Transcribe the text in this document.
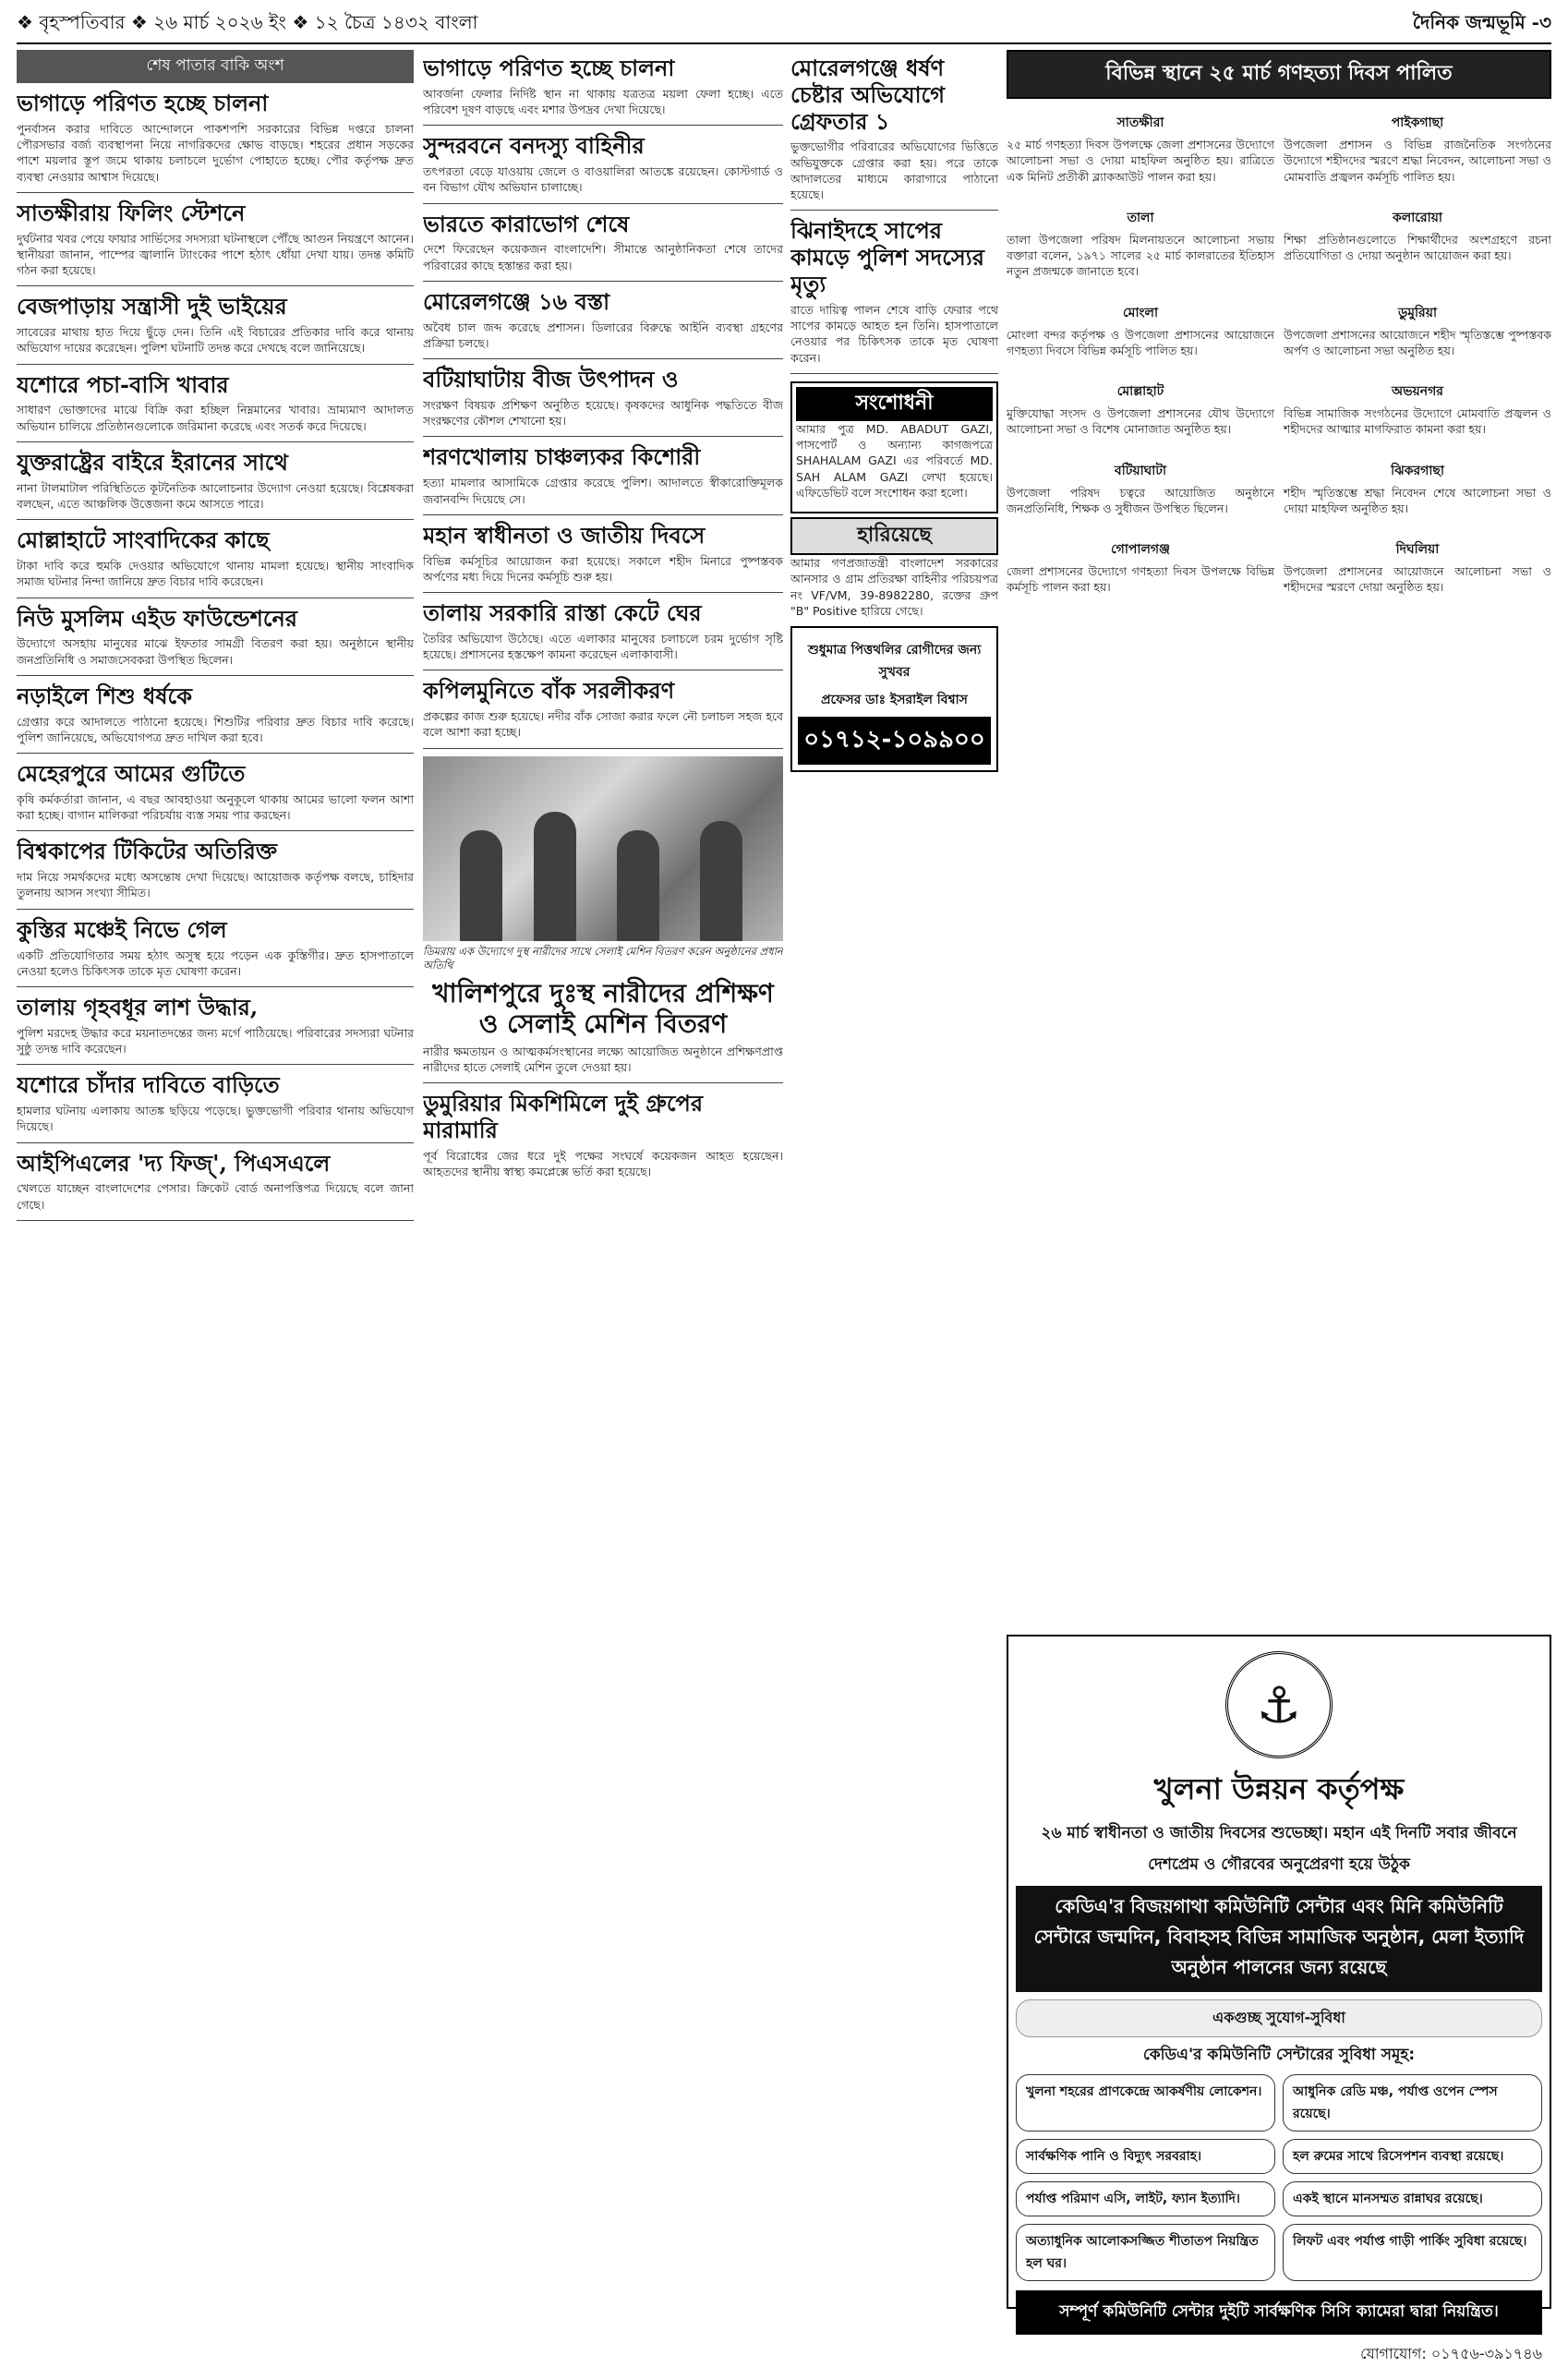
❖ বৃহস্পতিবার ❖ ২৬ মার্চ ২০২৬ ইং ❖ ১২ চৈত্র ১৪৩২ বাংলা	দৈনিক জন্মভূমি -৩
শেষ পাতার বাকি অংশ
ভাগাড়ে পরিণত হচ্ছে চালনা

পুনর্বাসন করার দাবিতে আন্দোলনে পাকশপশি সরকারের বিভিন্ন দপ্তরে চালনা পৌরসভার বর্জ্য ব্যবস্থাপনা নিয়ে নাগরিকদের ক্ষোভ বাড়ছে। শহরের প্রধান সড়কের পাশে ময়লার স্তূপ জমে থাকায় চলাচলে দুর্ভোগ পোহাতে হচ্ছে। পৌর কর্তৃপক্ষ দ্রুত ব্যবস্থা নেওয়ার আশ্বাস দিয়েছে।

সাতক্ষীরায় ফিলিং স্টেশনে

দুর্ঘটনার খবর পেয়ে ফায়ার সার্ভিসের সদস্যরা ঘটনাস্থলে পৌঁছে আগুন নিয়ন্ত্রণে আনেন। স্থানীয়রা জানান, পাম্পের জ্বালানি ট্যাংকের পাশে হঠাৎ ধোঁয়া দেখা যায়। তদন্ত কমিটি গঠন করা হয়েছে।

বেজপাড়ায় সন্ত্রাসী দুই ভাইয়ের

সাবেরের মাথায় হাত দিয়ে ছুঁড়ে দেন। তিনি এই বিচারের প্রতিকার দাবি করে থানায় অভিযোগ দায়ের করেছেন। পুলিশ ঘটনাটি তদন্ত করে দেখছে বলে জানিয়েছে।

যশোরে পচা-বাসি খাবার

সাধারণ ভোক্তাদের মাঝে বিক্রি করা হচ্ছিল নিম্নমানের খাবার। ভ্রাম্যমাণ আদালত অভিযান চালিয়ে প্রতিষ্ঠানগুলোকে জরিমানা করেছে এবং সতর্ক করে দিয়েছে।

যুক্তরাষ্ট্রের বাইরে ইরানের সাথে

নানা টালমাটাল পরিস্থিতিতে কূটনৈতিক আলোচনার উদ্যোগ নেওয়া হয়েছে। বিশ্লেষকরা বলছেন, এতে আঞ্চলিক উত্তেজনা কমে আসতে পারে।

মোল্লাহাটে সাংবাদিকের কাছে

টাকা দাবি করে হুমকি দেওয়ার অভিযোগে থানায় মামলা হয়েছে। স্থানীয় সাংবাদিক সমাজ ঘটনার নিন্দা জানিয়ে দ্রুত বিচার দাবি করেছেন।

নিউ মুসলিম এইড ফাউন্ডেশনের

উদ্যোগে অসহায় মানুষের মাঝে ইফতার সামগ্রী বিতরণ করা হয়। অনুষ্ঠানে স্থানীয় জনপ্রতিনিধি ও সমাজসেবকরা উপস্থিত ছিলেন।

নড়াইলে শিশু ধর্ষকে

গ্রেপ্তার করে আদালতে পাঠানো হয়েছে। শিশুটির পরিবার দ্রুত বিচার দাবি করেছে। পুলিশ জানিয়েছে, অভিযোগপত্র দ্রুত দাখিল করা হবে।

মেহেরপুরে আমের গুটিতে

কৃষি কর্মকর্তারা জানান, এ বছর আবহাওয়া অনুকূলে থাকায় আমের ভালো ফলন আশা করা হচ্ছে। বাগান মালিকরা পরিচর্যায় ব্যস্ত সময় পার করছেন।

বিশ্বকাপের টিকিটের অতিরিক্ত

দাম নিয়ে সমর্থকদের মধ্যে অসন্তোষ দেখা দিয়েছে। আয়োজক কর্তৃপক্ষ বলছে, চাহিদার তুলনায় আসন সংখ্যা সীমিত।

কুস্তির মঞ্চেই নিভে গেল

একটি প্রতিযোগিতার সময় হঠাৎ অসুস্থ হয়ে পড়েন এক কুস্তিগীর। দ্রুত হাসপাতালে নেওয়া হলেও চিকিৎসক তাকে মৃত ঘোষণা করেন।

তালায় গৃহবধূর লাশ উদ্ধার,

পুলিশ মরদেহ উদ্ধার করে ময়নাতদন্তের জন্য মর্গে পাঠিয়েছে। পরিবারের সদস্যরা ঘটনার সুষ্ঠু তদন্ত দাবি করেছেন।

যশোরে চাঁদার দাবিতে বাড়িতে

হামলার ঘটনায় এলাকায় আতঙ্ক ছড়িয়ে পড়েছে। ভুক্তভোগী পরিবার থানায় অভিযোগ দিয়েছে।

আইপিএলের 'দ্য ফিজ্', পিএসএলে

খেলতে যাচ্ছেন বাংলাদেশের পেসার। ক্রিকেট বোর্ড অনাপত্তিপত্র দিয়েছে বলে জানা গেছে।

ভাগাড়ে পরিণত হচ্ছে চালনা

আবর্জনা ফেলার নির্দিষ্ট স্থান না থাকায় যত্রতত্র ময়লা ফেলা হচ্ছে। এতে পরিবেশ দূষণ বাড়ছে এবং মশার উপদ্রব দেখা দিয়েছে।

সুন্দরবনে বনদস্যু বাহিনীর

তৎপরতা বেড়ে যাওয়ায় জেলে ও বাওয়ালিরা আতঙ্কে রয়েছেন। কোস্টগার্ড ও বন বিভাগ যৌথ অভিযান চালাচ্ছে।

ভারতে কারাভোগ শেষে

দেশে ফিরেছেন কয়েকজন বাংলাদেশি। সীমান্তে আনুষ্ঠানিকতা শেষে তাদের পরিবারের কাছে হস্তান্তর করা হয়।

মোরেলগঞ্জে ১৬ বস্তা

অবৈধ চাল জব্দ করেছে প্রশাসন। ডিলারের বিরুদ্ধে আইনি ব্যবস্থা গ্রহণের প্রক্রিয়া চলছে।

বটিয়াঘাটায় বীজ উৎপাদন ও

সংরক্ষণ বিষয়ক প্রশিক্ষণ অনুষ্ঠিত হয়েছে। কৃষকদের আধুনিক পদ্ধতিতে বীজ সংরক্ষণের কৌশল শেখানো হয়।

শরণখোলায় চাঞ্চল্যকর কিশোরী

হত্যা মামলার আসামিকে গ্রেপ্তার করেছে পুলিশ। আদালতে স্বীকারোক্তিমূলক জবানবন্দি দিয়েছে সে।

মহান স্বাধীনতা ও জাতীয় দিবসে

বিভিন্ন কর্মসূচির আয়োজন করা হয়েছে। সকালে শহীদ মিনারে পুষ্পস্তবক অর্পণের মধ্য দিয়ে দিনের কর্মসূচি শুরু হয়।

তালায় সরকারি রাস্তা কেটে ঘের

তৈরির অভিযোগ উঠেছে। এতে এলাকার মানুষের চলাচলে চরম দুর্ভোগ সৃষ্টি হয়েছে। প্রশাসনের হস্তক্ষেপ কামনা করেছেন এলাকাবাসী।

কপিলমুনিতে বাঁক সরলীকরণ

প্রকল্পের কাজ শুরু হয়েছে। নদীর বাঁক সোজা করার ফলে নৌ চলাচল সহজ হবে বলে আশা করা হচ্ছে।

ডিমরায় এক উদ্যোগে দুস্থ নারীদের সাথে সেলাই মেশিন বিতরণ করেন অনুষ্ঠানের প্রধান অতিথি
খালিশপুরে দুঃস্থ নারীদের প্রশিক্ষণ ও সেলাই মেশিন বিতরণ

নারীর ক্ষমতায়ন ও আত্মকর্মসংস্থানের লক্ষ্যে আয়োজিত অনুষ্ঠানে প্রশিক্ষণপ্রাপ্ত নারীদের হাতে সেলাই মেশিন তুলে দেওয়া হয়।

ডুমুরিয়ার মিকশিমিলে দুই গ্রুপের মারামারি

পূর্ব বিরোধের জের ধরে দুই পক্ষের সংঘর্ষে কয়েকজন আহত হয়েছেন। আহতদের স্থানীয় স্বাস্থ্য কমপ্লেক্সে ভর্তি করা হয়েছে।

মোরেলগঞ্জে ধর্ষণ চেষ্টার অভিযোগে গ্রেফতার ১

ভুক্তভোগীর পরিবারের অভিযোগের ভিত্তিতে অভিযুক্তকে গ্রেপ্তার করা হয়। পরে তাকে আদালতের মাধ্যমে কারাগারে পাঠানো হয়েছে।

ঝিনাইদহে সাপের কামড়ে পুলিশ সদস্যের মৃত্যু

রাতে দায়িত্ব পালন শেষে বাড়ি ফেরার পথে সাপের কামড়ে আহত হন তিনি। হাসপাতালে নেওয়ার পর চিকিৎসক তাকে মৃত ঘোষণা করেন।

সংশোধনী

আমার পুত্র MD. ABADUT GAZI, পাসপোর্ট ও অন্যান্য কাগজপত্রে SHAHALAM GAZI এর পরিবর্তে MD. SAH ALAM GAZI লেখা হয়েছে। এফিডেভিট বলে সংশোধন করা হলো।

হারিয়েছে

আমার গণপ্রজাতন্ত্রী বাংলাদেশ সরকারের আনসার ও গ্রাম প্রতিরক্ষা বাহিনীর পরিচয়পত্র নং VF/VM, 39-8982280, রক্তের গ্রুপ "B" Positive হারিয়ে গেছে।

শুধুমাত্র পিত্তথলির রোগীদের জন্য সুখবর
প্রফেসর ডাঃ ইসরাইল বিশ্বাস
০১৭১২-১০৯৯০০
বিভিন্ন স্থানে ২৫ মার্চ গণহত্যা দিবস পালিত
সাতক্ষীরা

২৫ মার্চ গণহত্যা দিবস উপলক্ষে জেলা প্রশাসনের উদ্যোগে আলোচনা সভা ও দোয়া মাহফিল অনুষ্ঠিত হয়। রাত্রিতে এক মিনিট প্রতীকী ব্ল্যাকআউট পালন করা হয়।

পাইকগাছা

উপজেলা প্রশাসন ও বিভিন্ন রাজনৈতিক সংগঠনের উদ্যোগে শহীদদের স্মরণে শ্রদ্ধা নিবেদন, আলোচনা সভা ও মোমবাতি প্রজ্বলন কর্মসূচি পালিত হয়।

তালা

তালা উপজেলা পরিষদ মিলনায়তনে আলোচনা সভায় বক্তারা বলেন, ১৯৭১ সালের ২৫ মার্চ কালরাতের ইতিহাস নতুন প্রজন্মকে জানাতে হবে।

কলারোয়া

শিক্ষা প্রতিষ্ঠানগুলোতে শিক্ষার্থীদের অংশগ্রহণে রচনা প্রতিযোগিতা ও দোয়া অনুষ্ঠান আয়োজন করা হয়।

মোংলা

মোংলা বন্দর কর্তৃপক্ষ ও উপজেলা প্রশাসনের আয়োজনে গণহত্যা দিবসে বিভিন্ন কর্মসূচি পালিত হয়।

ডুমুরিয়া

উপজেলা প্রশাসনের আয়োজনে শহীদ স্মৃতিস্তম্ভে পুষ্পস্তবক অর্পণ ও আলোচনা সভা অনুষ্ঠিত হয়।

মোল্লাহাট

মুক্তিযোদ্ধা সংসদ ও উপজেলা প্রশাসনের যৌথ উদ্যোগে আলোচনা সভা ও বিশেষ মোনাজাত অনুষ্ঠিত হয়।

অভয়নগর

বিভিন্ন সামাজিক সংগঠনের উদ্যোগে মোমবাতি প্রজ্বলন ও শহীদদের আত্মার মাগফিরাত কামনা করা হয়।

বটিয়াঘাটা

উপজেলা পরিষদ চত্বরে আয়োজিত অনুষ্ঠানে জনপ্রতিনিধি, শিক্ষক ও সুধীজন উপস্থিত ছিলেন।

ঝিকরগাছা

শহীদ স্মৃতিস্তম্ভে শ্রদ্ধা নিবেদন শেষে আলোচনা সভা ও দোয়া মাহফিল অনুষ্ঠিত হয়।

গোপালগঞ্জ

জেলা প্রশাসনের উদ্যোগে গণহত্যা দিবস উপলক্ষে বিভিন্ন কর্মসূচি পালন করা হয়।

দিঘলিয়া

উপজেলা প্রশাসনের আয়োজনে আলোচনা সভা ও শহীদদের স্মরণে দোয়া অনুষ্ঠিত হয়।

⚓
খুলনা উন্নয়ন কর্তৃপক্ষ
২৬ মার্চ স্বাধীনতা ও জাতীয় দিবসের শুভেচ্ছা। মহান এই দিনটি সবার জীবনে
দেশপ্রেম ও গৌরবের অনুপ্রেরণা হয়ে উঠুক
কেডিএ'র বিজয়গাথা কমিউনিটি সেন্টার এবং মিনি কমিউনিটি সেন্টারে জন্মদিন, বিবাহসহ বিভিন্ন সামাজিক অনুষ্ঠান, মেলা ইত্যাদি অনুষ্ঠান পালনের জন্য রয়েছে
একগুচ্ছ সুযোগ-সুবিধা
কেডিএ'র কমিউনিটি সেন্টারের সুবিধা সমূহ:
খুলনা শহরের প্রাণকেন্দ্রে আকর্ষণীয় লোকেশন।	আধুনিক রেডি মঞ্চ, পর্যাপ্ত ওপেন স্পেস রয়েছে।
সার্বক্ষণিক পানি ও বিদ্যুৎ সরবরাহ।	হল রুমের সাথে রিসেপশন ব্যবস্থা রয়েছে।
পর্যাপ্ত পরিমাণ এসি, লাইট, ফ্যান ইত্যাদি।	একই স্থানে মানসম্মত রান্নাঘর রয়েছে।
অত্যাধুনিক আলোকসজ্জিত শীতাতপ নিয়ন্ত্রিত হল ঘর।
লিফট এবং পর্যাপ্ত গাড়ী পার্কিং সুবিধা রয়েছে।
সম্পূর্ণ কমিউনিটি সেন্টার দুইটি সার্বক্ষণিক সিসি ক্যামেরা দ্বারা নিয়ন্ত্রিত।
যোগাযোগ: ০১৭৫৬-৩৯১৭৪৬
